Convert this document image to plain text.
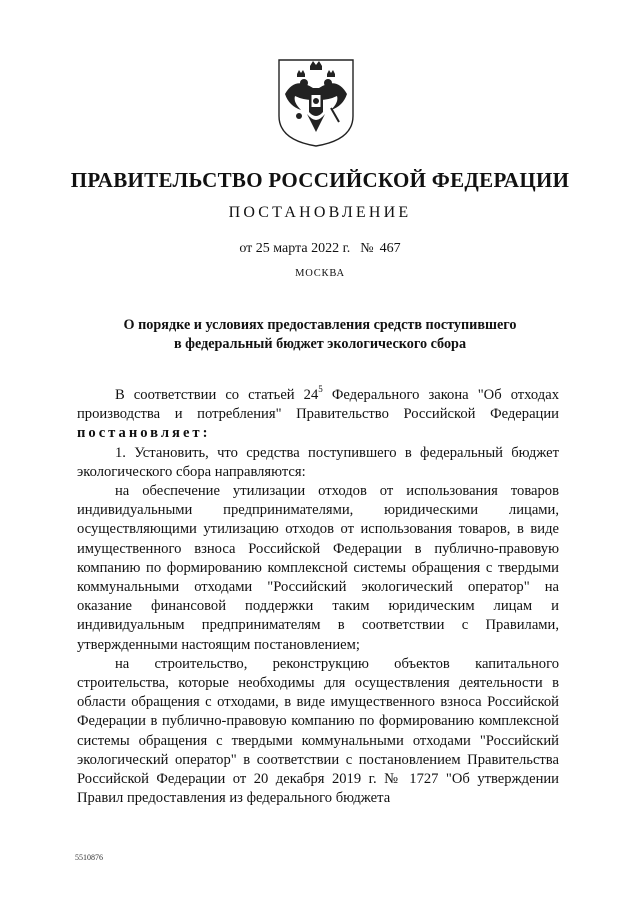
ПРАВИТЕЛЬСТВО РОССИЙСКОЙ ФЕДЕРАЦИИ
ПОСТАНОВЛЕНИЕ
от 25 марта 2022 г. № 467
МОСКВА
О порядке и условиях предоставления средств поступившего
в федеральный бюджет экологического сбора

В соответствии со статьей $24^5$ Федерального закона "Об отходах производства и потребления" Правительство Российской Федерации постановляет:

1. Установить, что средства поступившего в федеральный бюджет экологического сбора направляются:

на обеспечение утилизации отходов от использования товаров индивидуальными предпринимателями, юридическими лицами, осуществляющими утилизацию отходов от использования товаров, в виде имущественного взноса Российской Федерации в публично-правовую компанию по формированию комплексной системы обращения с твердыми коммунальными отходами "Российский экологический оператор" на оказание финансовой поддержки таким юридическим лицам и индивидуальным предпринимателям в соответствии с Правилами, утвержденными настоящим постановлением;

на строительство, реконструкцию объектов капитального строительства, которые необходимы для осуществления деятельности в области обращения с отходами, в виде имущественного взноса Российской Федерации в публично-правовую компанию по формированию комплексной системы обращения с твердыми коммунальными отходами "Российский экологический оператор" в соответствии с постановлением Правительства Российской Федерации от 20 декабря 2019 г. № 1727 "Об утверждении Правил предоставления из федерального бюджета

5510876
